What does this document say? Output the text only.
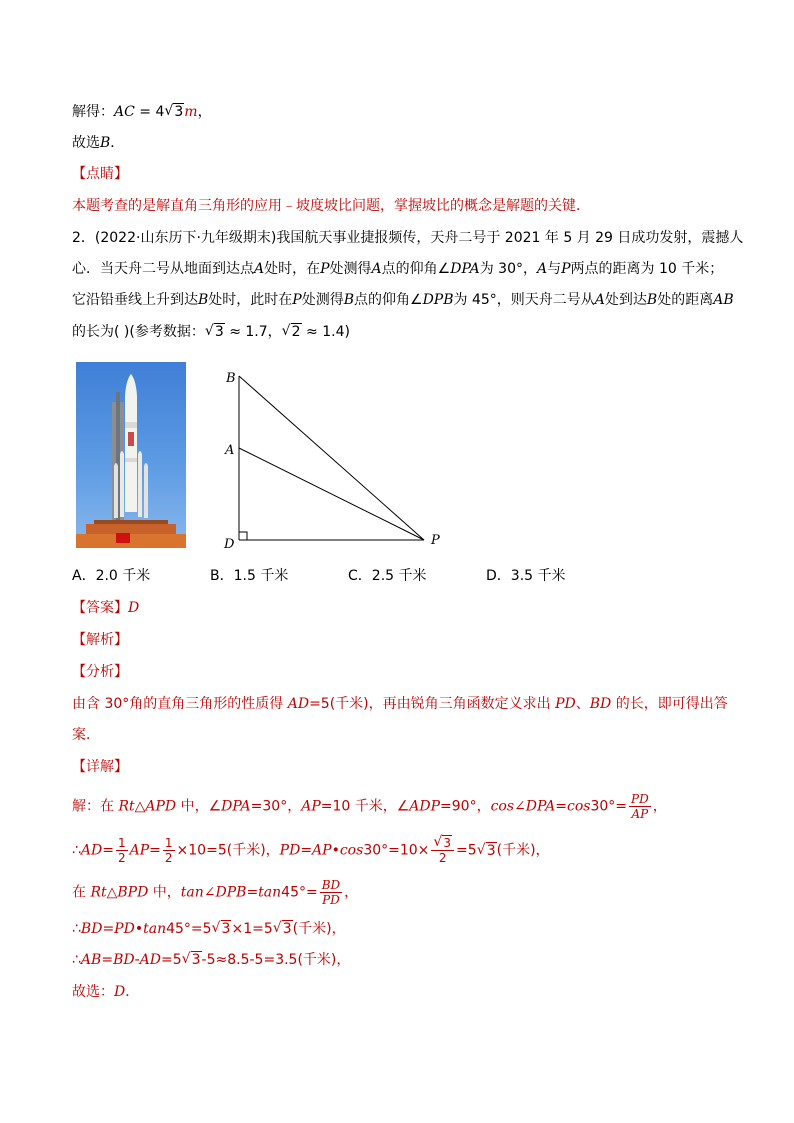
解得：AC = 4√ 3m，
故选B．
【点睛】
本题考查的是解直角三角形的应用﹣坡度坡比问题，掌握坡比的概念是解题的关键．
2．(2022·山东历下·九年级期末)我国航天事业捷报频传，天舟二号于 2021 年 5 月 29 日成功发射，震撼人
心．当天舟二号从地面到达点A处时，在P处测得A点的仰角∠DPA为 30°，A与P两点的距离为 10 千米；
它沿铅垂线上升到达B处时，此时在P处测得B点的仰角∠DPB为 45°，则天舟二号从A处到达B处的距离AB
的长为( )(参考数据：√ 3 ≈ 1.7，√ 2 ≈ 1.4)
B
A
D	P
A．2.0 千米	B．1.5 千米	C．2.5 千米	D．3.5 千米
【答案】D
【解析】
【分析】
由含 30°角的直角三角形的性质得 AD=5(千米)，再由锐角三角函数定义求出 PD、BD 的长，即可得出答
案．
【详解】
解：在 Rt△APD 中，∠DPA=30°，AP=10 千米，∠ADP=90°，cos∠DPA=cos30°= $\frac{PD}{AP}$ ，
∴AD= $\frac{1}{2} AP= \frac{1}{2} \times 10=5$(千米)，PD=AP•cos30°=10×
√ $\frac{3}{2} =5√$ 3(千米)，
在 Rt△BPD 中，tan∠DPB=tan45°= $\frac{BD}{PD}$ ，
∴BD=PD•tan45°=5√ 3×1=5√ 3(千米)，
∴AB=BD-AD=5√ 3-5≈8.5-5=3.5(千米)，
故选：D．
